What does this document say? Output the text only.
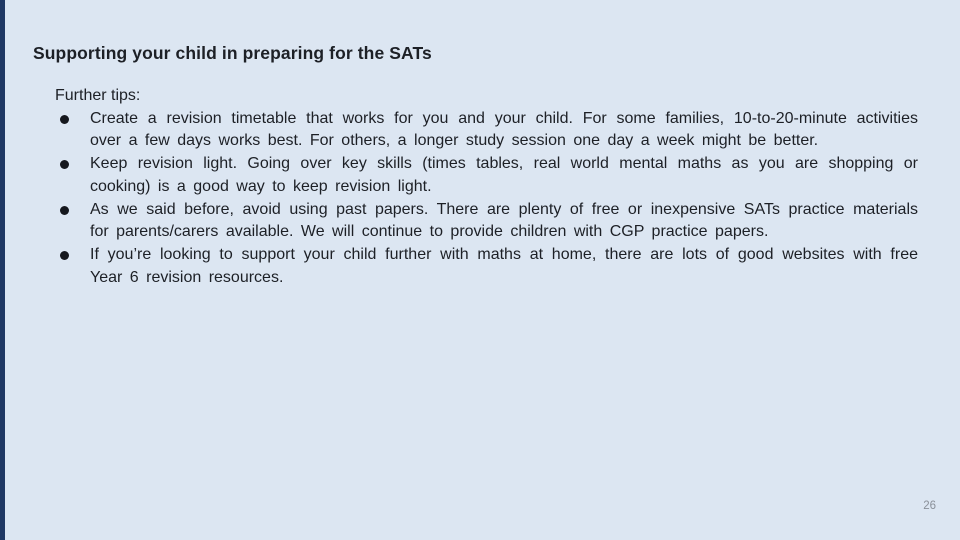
Supporting your child in preparing for the SATs

Further tips:

Create a revision timetable that works for you and your child. For some families, 10-to-20-minute activities over a few days works best. For others, a longer study session one day a week might be better.
Keep revision light. Going over key skills (times tables, real world mental maths as you are shopping or cooking) is a good way to keep revision light.
As we said before, avoid using past papers. There are plenty of free or inexpensive SATs practice materials for parents/carers available. We will continue to provide children with CGP practice papers.
If you’re looking to support your child further with maths at home, there are lots of good websites with free Year 6 revision resources.
26
